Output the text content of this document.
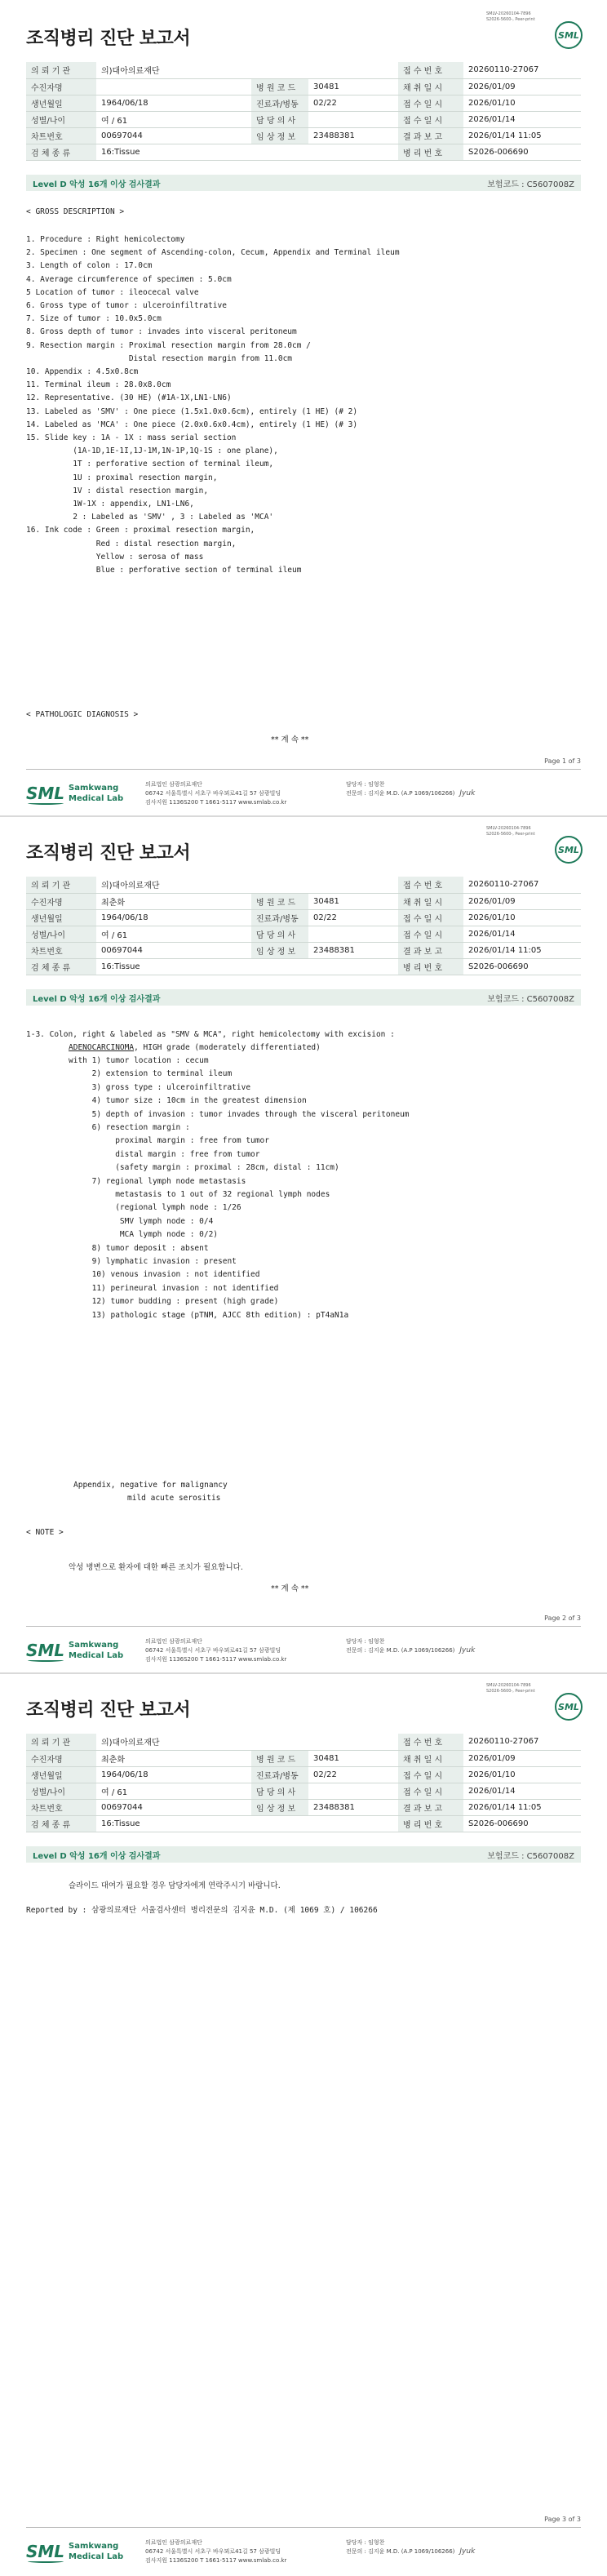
조직병리 진단 보고서
SMLV-20260104-7896
S2026-5600-, Peer-print
SML
의 뢰 기 관	의)대아의료재단			접 수 번 호	20260110-27067
수진자명		병 원 코 드	30481	채 취 일 시	2026/01/09
생년월일	1964/06/18	진료과/병동	02/22	접 수 일 시	2026/01/10
성별/나이	여 / 61	담 당 의 사		접 수 일 시	2026/01/14
차트번호	00697044	임 상 정 보	23488381	결 과 보 고	2026/01/14 11:05
검 체 종 류	16:Tissue			병 리 번 호	S2026-006690
Level D 악성 16개 이상 검사결과	보험코드 : C5607008Z
< GROSS DESCRIPTION >
1. Procedure : Right hemicolectomy
2. Specimen : One segment of Ascending-colon, Cecum, Appendix and Terminal ileum
3. Length of colon : 17.0cm
4. Average circumference of specimen : 5.0cm
5 Location of tumor : ileocecal valve
6. Gross type of tumor : ulceroinfiltrative
7. Size of tumor : 10.0x5.0cm
8. Gross depth of tumor : invades into visceral peritoneum
9. Resection margin : Proximal resection margin from 28.0cm /
Distal resection margin from 11.0cm
10. Appendix : 4.5x0.8cm
11. Terminal ileum : 28.0x8.0cm
12. Representative. (30 HE) (#1A-1X,LN1-LN6)
13. Labeled as 'SMV' : One piece (1.5x1.0x0.6cm), entirely (1 HE) (# 2)
14. Labeled as 'MCA' : One piece (2.0x0.6x0.4cm), entirely (1 HE) (# 3)
15. Slide key : 1A - 1X : mass serial section
(1A-1D,1E-1I,1J-1M,1N-1P,1Q-1S : one plane),
1T : perforative section of terminal ileum,
1U : proximal resection margin,
1V : distal resection margin,
1W-1X : appendix, LN1-LN6,
2 : Labeled as 'SMV' , 3 : Labeled as 'MCA'
16. Ink code : Green : proximal resection margin,
Red : distal resection margin,
Yellow : serosa of mass
Blue : perforative section of terminal ileum
< PATHOLOGIC DIAGNOSIS >
** 계 속 **
Page 1 of 3
SML Samkwang
Medical Lab
의료법인 삼광의료재단
06742 서울특별시 서초구 바우뫼로41길 57 삼광빌딩
검사지원 1136S200 T 1661-5117 www.smlab.co.kr
담당자 : 임형찬
전문의 : 김지윤 M.D. (A.P 1069/106266) Jyuk
조직병리 진단 보고서
SMLV-20260104-7896
S2026-5600-, Peer-print
SML
의 뢰 기 관	의)대아의료재단			접 수 번 호	20260110-27067
수진자명	최춘화	병 원 코 드	30481	채 취 일 시	2026/01/09
생년월일	1964/06/18	진료과/병동	02/22	접 수 일 시	2026/01/10
성별/나이	여 / 61	담 당 의 사		접 수 일 시	2026/01/14
차트번호	00697044	임 상 정 보	23488381	결 과 보 고	2026/01/14 11:05
검 체 종 류	16:Tissue			병 리 번 호	S2026-006690
Level D 악성 16개 이상 검사결과	보험코드 : C5607008Z
1-3. Colon, right & labeled as "SMV & MCA", right hemicolectomy with excision :
ADENOCARCINOMA, HIGH grade (moderately differentiated)
with 1) tumor location : cecum
2) extension to terminal ileum
3) gross type : ulceroinfiltrative
4) tumor size : 10cm in the greatest dimension
5) depth of invasion : tumor invades through the visceral peritoneum
6) resection margin :
proximal margin : free from tumor
distal margin : free from tumor
(safety margin : proximal : 28cm, distal : 11cm)
7) regional lymph node metastasis
metastasis to 1 out of 32 regional lymph nodes
(regional lymph node : 1/26
SMV lymph node : 0/4
MCA lymph node : 0/2)
8) tumor deposit : absent
9) lymphatic invasion : present
10) venous invasion : not identified
11) perineural invasion : not identified
12) tumor budding : present (high grade)
13) pathologic stage (pTNM, AJCC 8th edition) : pT4aN1a
Appendix, negative for malignancy
mild acute serositis
< NOTE >
악성 병변으로 환자에 대한 빠른 조치가 필요합니다.
** 계 속 **
Page 2 of 3
SML Samkwang
Medical Lab
의료법인 삼광의료재단
06742 서울특별시 서초구 바우뫼로41길 57 삼광빌딩
검사지원 1136S200 T 1661-5117 www.smlab.co.kr
담당자 : 임형찬
전문의 : 김지윤 M.D. (A.P 1069/106266) Jyuk
조직병리 진단 보고서
SMLV-20260104-7896
S2026-5600-, Peer-print
SML
의 뢰 기 관	의)대아의료재단			접 수 번 호	20260110-27067
수진자명	최춘화	병 원 코 드	30481	채 취 일 시	2026/01/09
생년월일	1964/06/18	진료과/병동	02/22	접 수 일 시	2026/01/10
성별/나이	여 / 61	담 당 의 사		접 수 일 시	2026/01/14
차트번호	00697044	임 상 정 보	23488381	결 과 보 고	2026/01/14 11:05
검 체 종 류	16:Tissue			병 리 번 호	S2026-006690
Level D 악성 16개 이상 검사결과	보험코드 : C5607008Z
슬라이드 대여가 필요할 경우 담당자에게 연락주시기 바랍니다.
Reported by : 삼광의료재단 서울검사센터 병리전문의 김지윤 M.D. (제 1069 호) / 106266
Page 3 of 3
SML Samkwang
Medical Lab
의료법인 삼광의료재단
06742 서울특별시 서초구 바우뫼로41길 57 삼광빌딩
검사지원 1136S200 T 1661-5117 www.smlab.co.kr
담당자 : 임형찬
전문의 : 김지윤 M.D. (A.P 1069/106266) Jyuk
